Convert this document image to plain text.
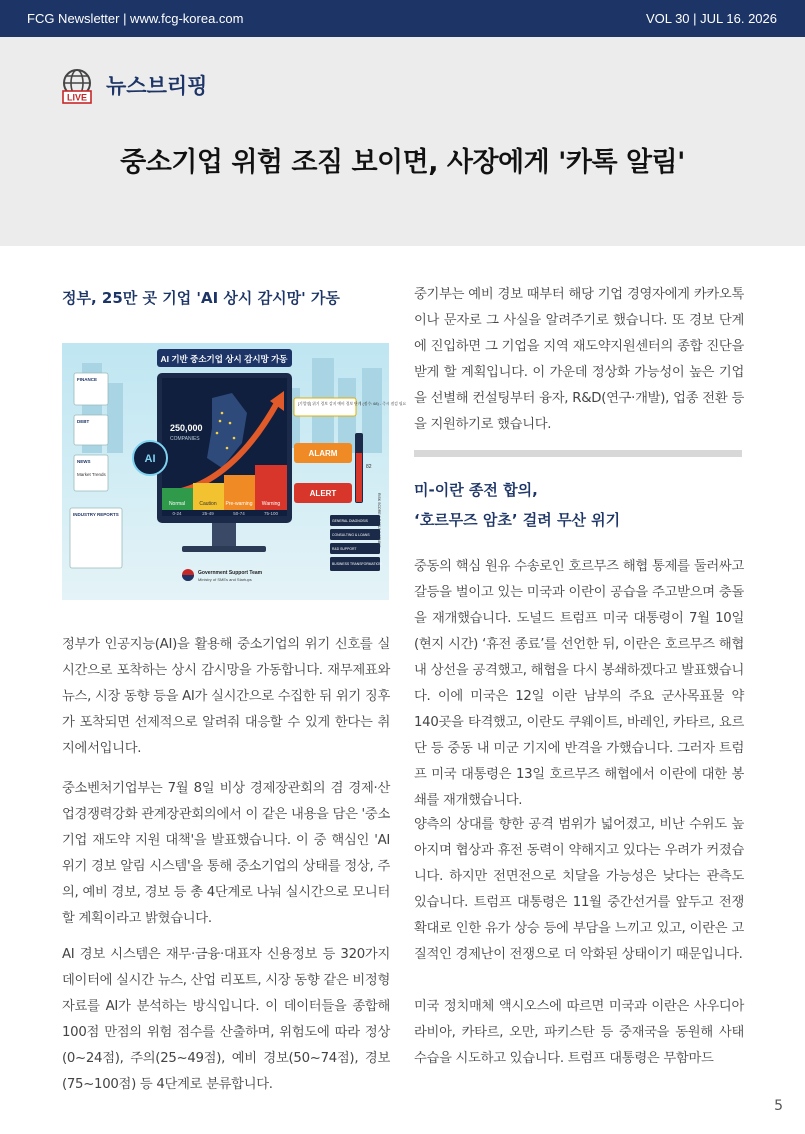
FCG Newsletter | www.fcg-korea.com	VOL 30 | JUL 16. 2026
LIVE 뉴스브리핑
중소기업 위험 조짐 보이면, 사장에게 '카톡 알림'
정부, 25만 곳 기업 'AI 상시 감시망' 가동
AI 기반 중소기업 상시 감시망 가동
250,000
COMPANIES
AI
Normal	Caution Pre-warning Warning
0-24	25-49	50-74	75-100
FINANCE
DEBT
NEWS
Market Trends
INDUSTRY REPORTS
[기업명] 위기 경보 감지 예비 경보 단계 (점수: 68) - 즉시 점검 필요
ALARM
ALERT
82
GENERAL DIAGNOSIS
CONSULTING & LOANS
R&D SUPPORT
BUSINESS TRANSFORMATION
Government Support Team
Ministry of SMEs and Startups

정부가 인공지능(AI)을 활용해 중소기업의 위기 신호를 실시간으로 포착하는 상시 감시망을 가동합니다. 재무제표와 뉴스, 시장 동향 등을 AI가 실시간으로 수집한 뒤 위기 징후가 포착되면 선제적으로 알려줘 대응할 수 있게 한다는 취지에서입니다.

중소벤처기업부는 7월 8일 비상 경제장관회의 겸 경제·산업경쟁력강화 관계장관회의에서 이 같은 내용을 담은 '중소기업 재도약 지원 대책'을 발표했습니다. 이 중 핵심인 'AI 위기 경보 알림 시스템'을 통해 중소기업의 상태를 정상, 주의, 예비 경보, 경보 등 총 4단계로 나눠 실시간으로 모니터할 계획이라고 밝혔습니다.

AI 경보 시스템은 재무·금융·대표자 신용정보 등 320가지 데이터에 실시간 뉴스, 산업 리포트, 시장 동향 같은 비정형 자료를 AI가 분석하는 방식입니다. 이 데이터들을 종합해 100점 만점의 위험 점수를 산출하며, 위험도에 따라 정상(0~24점), 주의(25~49점), 예비 경보(50~74점), 경보(75~100점) 등 4단계로 분류합니다.

중기부는 예비 경보 때부터 해당 기업 경영자에게 카카오톡이나 문자로 그 사실을 알려주기로 했습니다. 또 경보 단계에 진입하면 그 기업을 지역 재도약지원센터의 종합 진단을 받게 할 계획입니다. 이 가운데 정상화 가능성이 높은 기업을 선별해 컨설팅부터 융자, R&D(연구·개발), 업종 전환 등을 지원하기로 했습니다.

미-이란 종전 합의,
‘호르무즈 암초’ 걸려 무산 위기

중동의 핵심 원유 수송로인 호르무즈 해협 통제를 둘러싸고 갈등을 벌이고 있는 미국과 이란이 공습을 주고받으며 충돌을 재개했습니다. 도널드 트럼프 미국 대통령이 7월 10일(현지 시간) ‘휴전 종료’를 선언한 뒤, 이란은 호르무즈 해협 내 상선을 공격했고, 해협을 다시 봉쇄하겠다고 발표했습니다. 이에 미국은 12일 이란 남부의 주요 군사목표물 약 140곳을 타격했고, 이란도 쿠웨이트, 바레인, 카타르, 요르단 등 중동 내 미군 기지에 반격을 가했습니다. 그러자 트럼프 미국 대통령은 13일 호르무즈 해협에서 이란에 대한 봉쇄를 재개했습니다.

양측의 상대를 향한 공격 범위가 넓어졌고, 비난 수위도 높아지며 협상과 휴전 동력이 약해지고 있다는 우려가 커졌습니다. 하지만 전면전으로 치달을 가능성은 낮다는 관측도 있습니다. 트럼프 대통령은 11월 중간선거를 앞두고 전쟁 확대로 인한 유가 상승 등에 부담을 느끼고 있고, 이란은 고질적인 경제난이 전쟁으로 더 악화된 상태이기 때문입니다.

미국 정치매체 액시오스에 따르면 미국과 이란은 사우디아라비아, 카타르, 오만, 파키스탄 등 중재국을 동원해 사태 수습을 시도하고 있습니다. 트럼프 대통령은 무함마드

5
